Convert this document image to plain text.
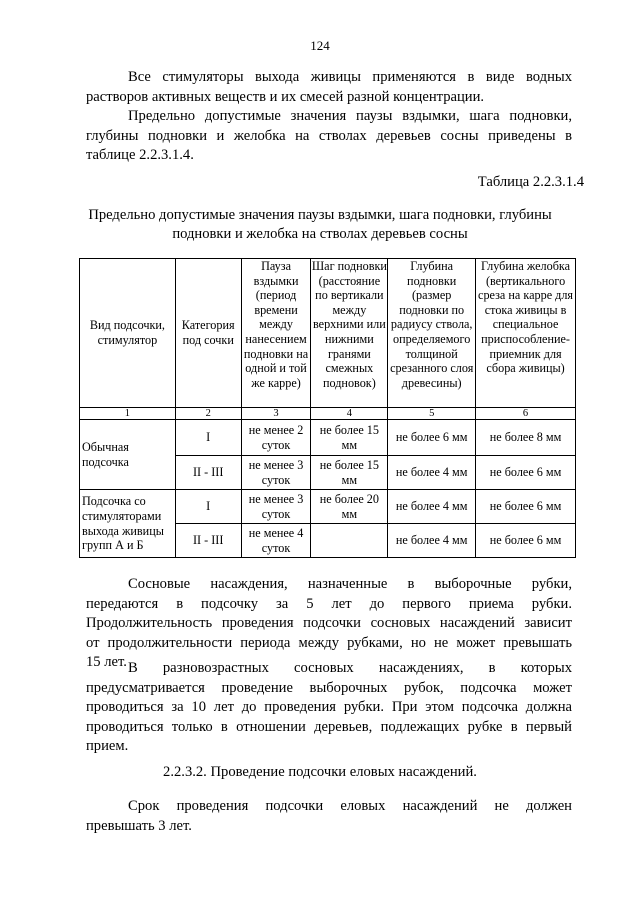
124
Все стимуляторы выхода живицы применяются в виде водных
растворов активных веществ и их смесей разной концентрации.
Предельно допустимые значения паузы вздымки, шага подновки,
глубины подновки и желобка на стволах деревьев сосны приведены в
таблице 2.2.3.1.4.
Таблица 2.2.3.1.4
Предельно допустимые значения паузы вздымки, шага подновки, глубины
подновки и желобка на стволах деревьев сосны
Вид подсочки, стимулятор	Категория под сочки	Пауза вздымки (период времени между нанесением подновки на одной и той же карре)	Шаг подновки (расстояние по вертикали между верхними или нижними гранями смежных подновок)	Глубина подновки (размер подновки по радиусу ствола, определяемого толщиной срезанного слоя древесины)	Глубина желобка (вертикального среза на карре для стока живицы в специальное приспособление-приемник для сбора живицы)
1	2	3	4	5	6
Обычная подсочка	I	не менее 2 суток	не более 15 мм	не более 6 мм	не более 8 мм
	II - III	не менее 3 суток	не более 15 мм	не более 4 мм	не более 6 мм
Подсочка со стимуляторами выхода живицы групп А и Б	I	не менее 3 суток	не более 20 мм	не более 4 мм	не более 6 мм
	II - III	не менее 4 суток		не более 4 мм	не более 6 мм
Сосновые насаждения, назначенные в выборочные рубки,
передаются в подсочку за 5 лет до первого приема рубки.
Продолжительность проведения подсочки сосновых насаждений зависит
от продолжительности периода между рубками, но не может превышать
15 лет. В разновозрастных сосновых насаждениях, в которых
предусматривается проведение выборочных рубок, подсочка может
проводиться за 10 лет до проведения рубки. При этом подсочка должна
проводиться только в отношении деревьев, подлежащих рубке в первый
прием.
2.2.3.2. Проведение подсочки еловых насаждений.
Срок проведения подсочки еловых насаждений не должен
превышать 3 лет.
